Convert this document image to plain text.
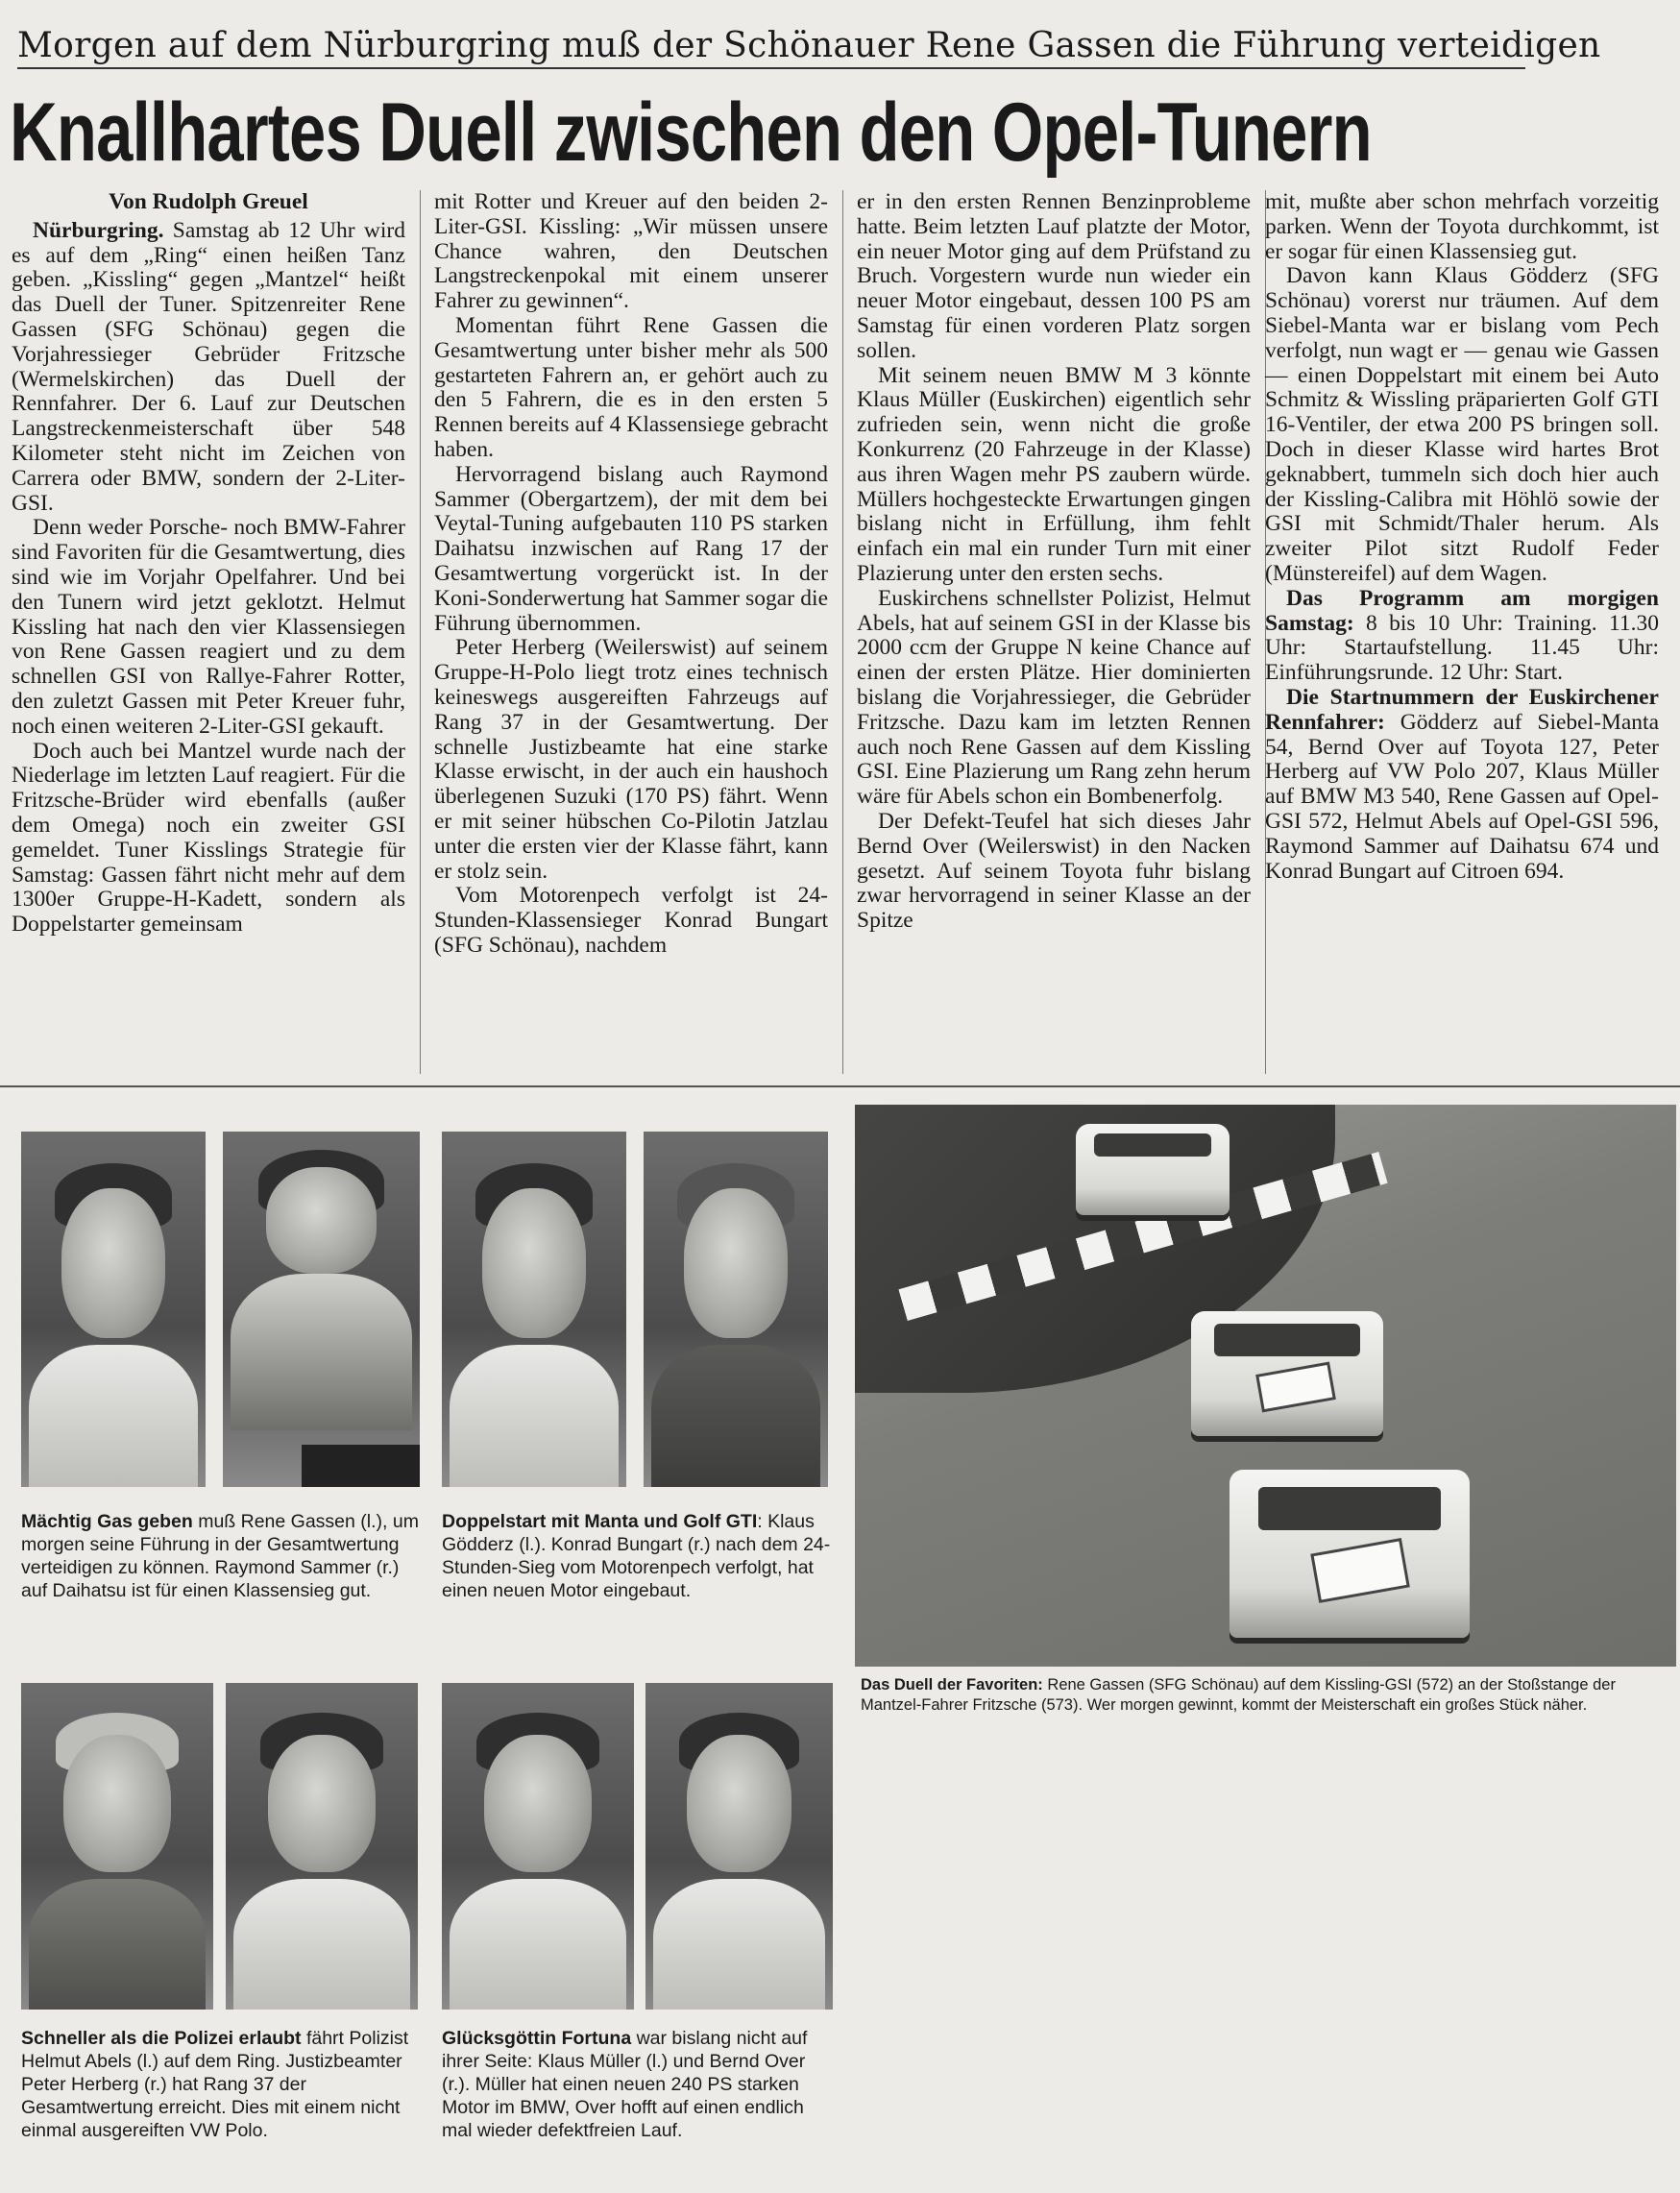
Morgen auf dem Nürburgring muß der Schönauer Rene Gassen die Führung verteidigen
Knallhartes Duell zwischen den Opel-Tunern

Von Rudolph Greuel

Nürburgring. Samstag ab 12 Uhr wird es auf dem „Ring“ einen heißen Tanz geben. „Kissling“ gegen „Mantzel“ heißt das Duell der Tuner. Spitzenreiter Rene Gassen (SFG Schönau) gegen die Vorjahressieger Gebrüder Fritzsche (Wermelskirchen) das Duell der Rennfahrer. Der 6. Lauf zur Deutschen Langstreckenmeisterschaft über 548 Kilometer steht nicht im Zeichen von Carrera oder BMW, sondern der 2-Liter-GSI.

Denn weder Porsche- noch BMW-Fahrer sind Favoriten für die Gesamtwertung, dies sind wie im Vorjahr Opelfahrer. Und bei den Tunern wird jetzt geklotzt. Helmut Kissling hat nach den vier Klassensiegen von Rene Gassen reagiert und zu dem schnellen GSI von Rallye-Fahrer Rotter, den zuletzt Gassen mit Peter Kreuer fuhr, noch einen weiteren 2-Liter-GSI gekauft.

Doch auch bei Mantzel wurde nach der Niederlage im letzten Lauf reagiert. Für die Fritzsche-Brüder wird ebenfalls (außer dem Omega) noch ein zweiter GSI gemeldet. Tuner Kisslings Strategie für Samstag: Gassen fährt nicht mehr auf dem 1300er Gruppe-H-Kadett, sondern als Doppelstarter gemeinsam

mit Rotter und Kreuer auf den beiden 2-Liter-GSI. Kissling: „Wir müssen unsere Chance wahren, den Deutschen Langstreckenpokal mit einem unserer Fahrer zu gewinnen“.

Momentan führt Rene Gassen die Gesamtwertung unter bisher mehr als 500 gestarteten Fahrern an, er gehört auch zu den 5 Fahrern, die es in den ersten 5 Rennen bereits auf 4 Klassensiege gebracht haben.

Hervorragend bislang auch Raymond Sammer (Obergartzem), der mit dem bei Veytal-Tuning aufgebauten 110 PS starken Daihatsu inzwischen auf Rang 17 der Gesamtwertung vorgerückt ist. In der Koni-Sonderwertung hat Sammer sogar die Führung übernommen.

Peter Herberg (Weilerswist) auf seinem Gruppe-H-Polo liegt trotz eines technisch keineswegs ausgereiften Fahrzeugs auf Rang 37 in der Gesamtwertung. Der schnelle Justizbeamte hat eine starke Klasse erwischt, in der auch ein haushoch überlegenen Suzuki (170 PS) fährt. Wenn er mit seiner hübschen Co-Pilotin Jatzlau unter die ersten vier der Klasse fährt, kann er stolz sein.

Vom Motorenpech verfolgt ist 24-Stunden-Klassensieger Konrad Bungart (SFG Schönau), nachdem

er in den ersten Rennen Benzinprobleme hatte. Beim letzten Lauf platzte der Motor, ein neuer Motor ging auf dem Prüfstand zu Bruch. Vorgestern wurde nun wieder ein neuer Motor eingebaut, dessen 100 PS am Samstag für einen vorderen Platz sorgen sollen.

Mit seinem neuen BMW M 3 könnte Klaus Müller (Euskirchen) eigentlich sehr zufrieden sein, wenn nicht die große Konkurrenz (20 Fahrzeuge in der Klasse) aus ihren Wagen mehr PS zaubern würde. Müllers hochgesteckte Erwartungen gingen bislang nicht in Erfüllung, ihm fehlt einfach ein mal ein runder Turn mit einer Plazierung unter den ersten sechs.

Euskirchens schnellster Polizist, Helmut Abels, hat auf seinem GSI in der Klasse bis 2000 ccm der Gruppe N keine Chance auf einen der ersten Plätze. Hier dominierten bislang die Vorjahressieger, die Gebrüder Fritzsche. Dazu kam im letzten Rennen auch noch Rene Gassen auf dem Kissling GSI. Eine Plazierung um Rang zehn herum wäre für Abels schon ein Bombenerfolg.

Der Defekt-Teufel hat sich dieses Jahr Bernd Over (Weilerswist) in den Nacken gesetzt. Auf seinem Toyota fuhr bislang zwar hervorragend in seiner Klasse an der Spitze

mit, mußte aber schon mehrfach vorzeitig parken. Wenn der Toyota durchkommt, ist er sogar für einen Klassensieg gut.

Davon kann Klaus Gödderz (SFG Schönau) vorerst nur träumen. Auf dem Siebel-Manta war er bislang vom Pech verfolgt, nun wagt er — genau wie Gassen — einen Doppelstart mit einem bei Auto Schmitz & Wissling präparierten Golf GTI 16-Ventiler, der etwa 200 PS bringen soll. Doch in dieser Klasse wird hartes Brot geknabbert, tummeln sich doch hier auch der Kissling-Calibra mit Höhlö sowie der GSI mit Schmidt/Thaler herum. Als zweiter Pilot sitzt Rudolf Feder (Münstereifel) auf dem Wagen.

Das Programm am morgigen Samstag: 8 bis 10 Uhr: Training. 11.30 Uhr: Startaufstellung. 11.45 Uhr: Einführungsrunde. 12 Uhr: Start.

Die Startnummern der Euskirchener Rennfahrer: Gödderz auf Siebel-Manta 54, Bernd Over auf Toyota 127, Peter Herberg auf VW Polo 207, Klaus Müller auf BMW M3 540, Rene Gassen auf Opel-GSI 572, Helmut Abels auf Opel-GSI 596, Raymond Sammer auf Daihatsu 674 und Konrad Bungart auf Citroen 694.

Mächtig Gas geben muß Rene Gassen (l.), um morgen seine Führung in der Gesamtwertung verteidigen zu können. Raymond Sammer (r.) auf Daihatsu ist für einen Klassensieg gut.
Doppelstart mit Manta und Golf GTI: Klaus Gödderz (l.). Konrad Bungart (r.) nach dem 24-Stunden-Sieg vom Motorenpech verfolgt, hat einen neuen Motor eingebaut.
Schneller als die Polizei erlaubt fährt Polizist Helmut Abels (l.) auf dem Ring. Justizbeamter Peter Herberg (r.) hat Rang 37 der Gesamtwertung erreicht. Dies mit einem nicht einmal ausgereiften VW Polo.
Glücksgöttin Fortuna war bislang nicht auf ihrer Seite: Klaus Müller (l.) und Bernd Over (r.). Müller hat einen neuen 240 PS starken Motor im BMW, Over hofft auf einen endlich mal wieder defektfreien Lauf.
Das Duell der Favoriten: Rene Gassen (SFG Schönau) auf dem Kissling-GSI (572) an der Stoßstange der Mantzel-Fahrer Fritzsche (573). Wer morgen gewinnt, kommt der Meisterschaft ein großes Stück näher.
